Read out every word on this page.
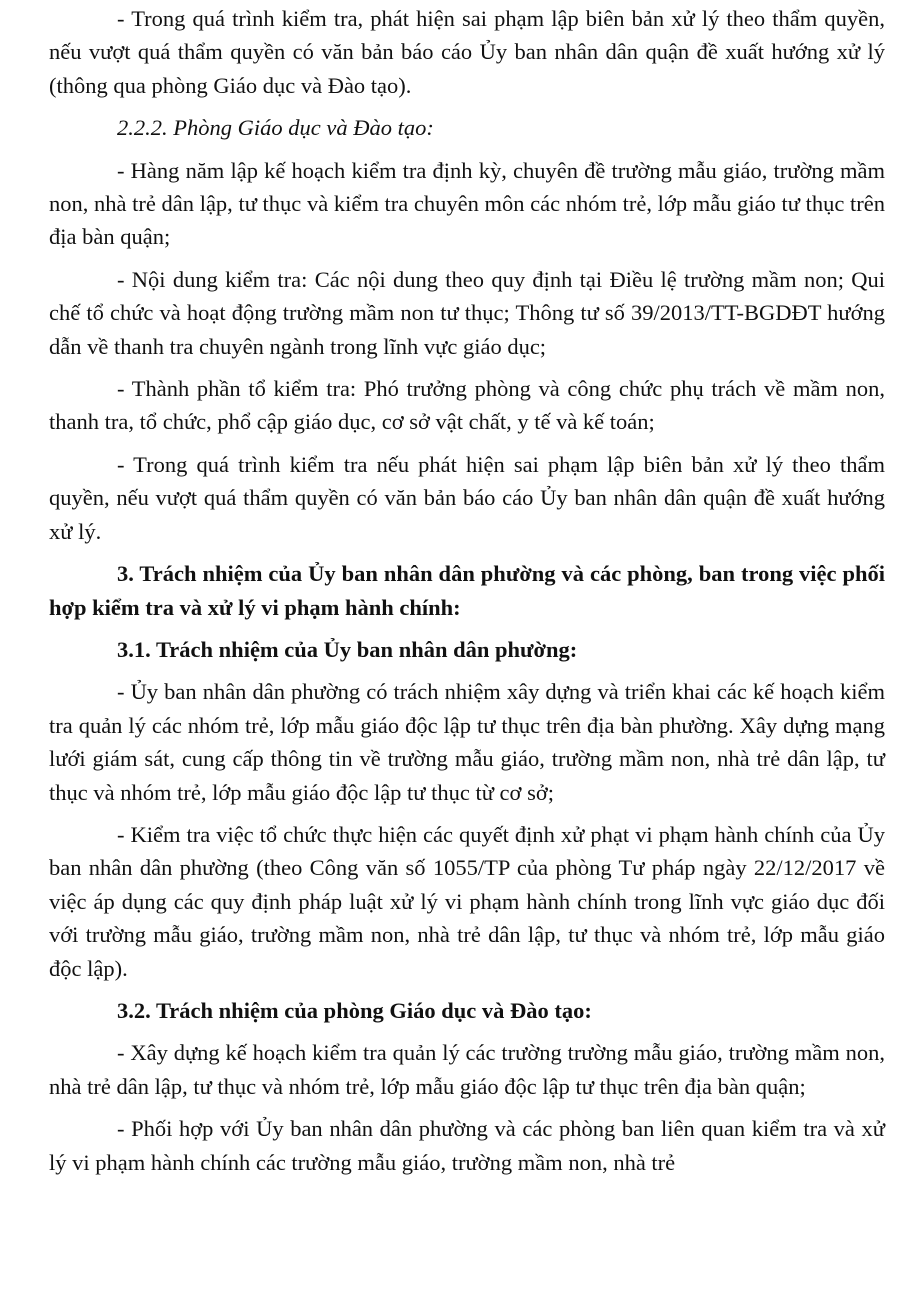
- Trong quá trình kiểm tra, phát hiện sai phạm lập biên bản xử lý theo thẩm quyền, nếu vượt quá thẩm quyền có văn bản báo cáo Ủy ban nhân dân quận đề xuất hướng xử lý (thông qua phòng Giáo dục và Đào tạo).

2.2.2. Phòng Giáo dục và Đào tạo:

- Hàng năm lập kế hoạch kiểm tra định kỳ, chuyên đề trường mẫu giáo, trường mầm non, nhà trẻ dân lập, tư thục và kiểm tra chuyên môn các nhóm trẻ, lớp mẫu giáo tư thục trên địa bàn quận;

- Nội dung kiểm tra: Các nội dung theo quy định tại Điều lệ trường mầm non; Qui chế tổ chức và hoạt động trường mầm non tư thục; Thông tư số 39/2013/TT-BGDĐT hướng dẫn về thanh tra chuyên ngành trong lĩnh vực giáo dục;

- Thành phần tổ kiểm tra: Phó trưởng phòng và công chức phụ trách về mầm non, thanh tra, tổ chức, phổ cập giáo dục, cơ sở vật chất, y tế và kế toán;

- Trong quá trình kiểm tra nếu phát hiện sai phạm lập biên bản xử lý theo thẩm quyền, nếu vượt quá thẩm quyền có văn bản báo cáo Ủy ban nhân dân quận đề xuất hướng xử lý.

3. Trách nhiệm của Ủy ban nhân dân phường và các phòng, ban trong việc phối hợp kiểm tra và xử lý vi phạm hành chính:

3.1. Trách nhiệm của Ủy ban nhân dân phường:

- Ủy ban nhân dân phường có trách nhiệm xây dựng và triển khai các kế hoạch kiểm tra quản lý các nhóm trẻ, lớp mẫu giáo độc lập tư thục trên địa bàn phường. Xây dựng mạng lưới giám sát, cung cấp thông tin về trường mẫu giáo, trường mầm non, nhà trẻ dân lập, tư thục và nhóm trẻ, lớp mẫu giáo độc lập tư thục từ cơ sở;

- Kiểm tra việc tổ chức thực hiện các quyết định xử phạt vi phạm hành chính của Ủy ban nhân dân phường (theo Công văn số 1055/TP của phòng Tư pháp ngày 22/12/2017 về việc áp dụng các quy định pháp luật xử lý vi phạm hành chính trong lĩnh vực giáo dục đối với trường mẫu giáo, trường mầm non, nhà trẻ dân lập, tư thục và nhóm trẻ, lớp mẫu giáo độc lập).

3.2. Trách nhiệm của phòng Giáo dục và Đào tạo:

- Xây dựng kế hoạch kiểm tra quản lý các trường trường mẫu giáo, trường mầm non, nhà trẻ dân lập, tư thục và nhóm trẻ, lớp mẫu giáo độc lập tư thục trên địa bàn quận;

- Phối hợp với Ủy ban nhân dân phường và các phòng ban liên quan kiểm tra và xử lý vi phạm hành chính các trường mẫu giáo, trường mầm non, nhà trẻ
